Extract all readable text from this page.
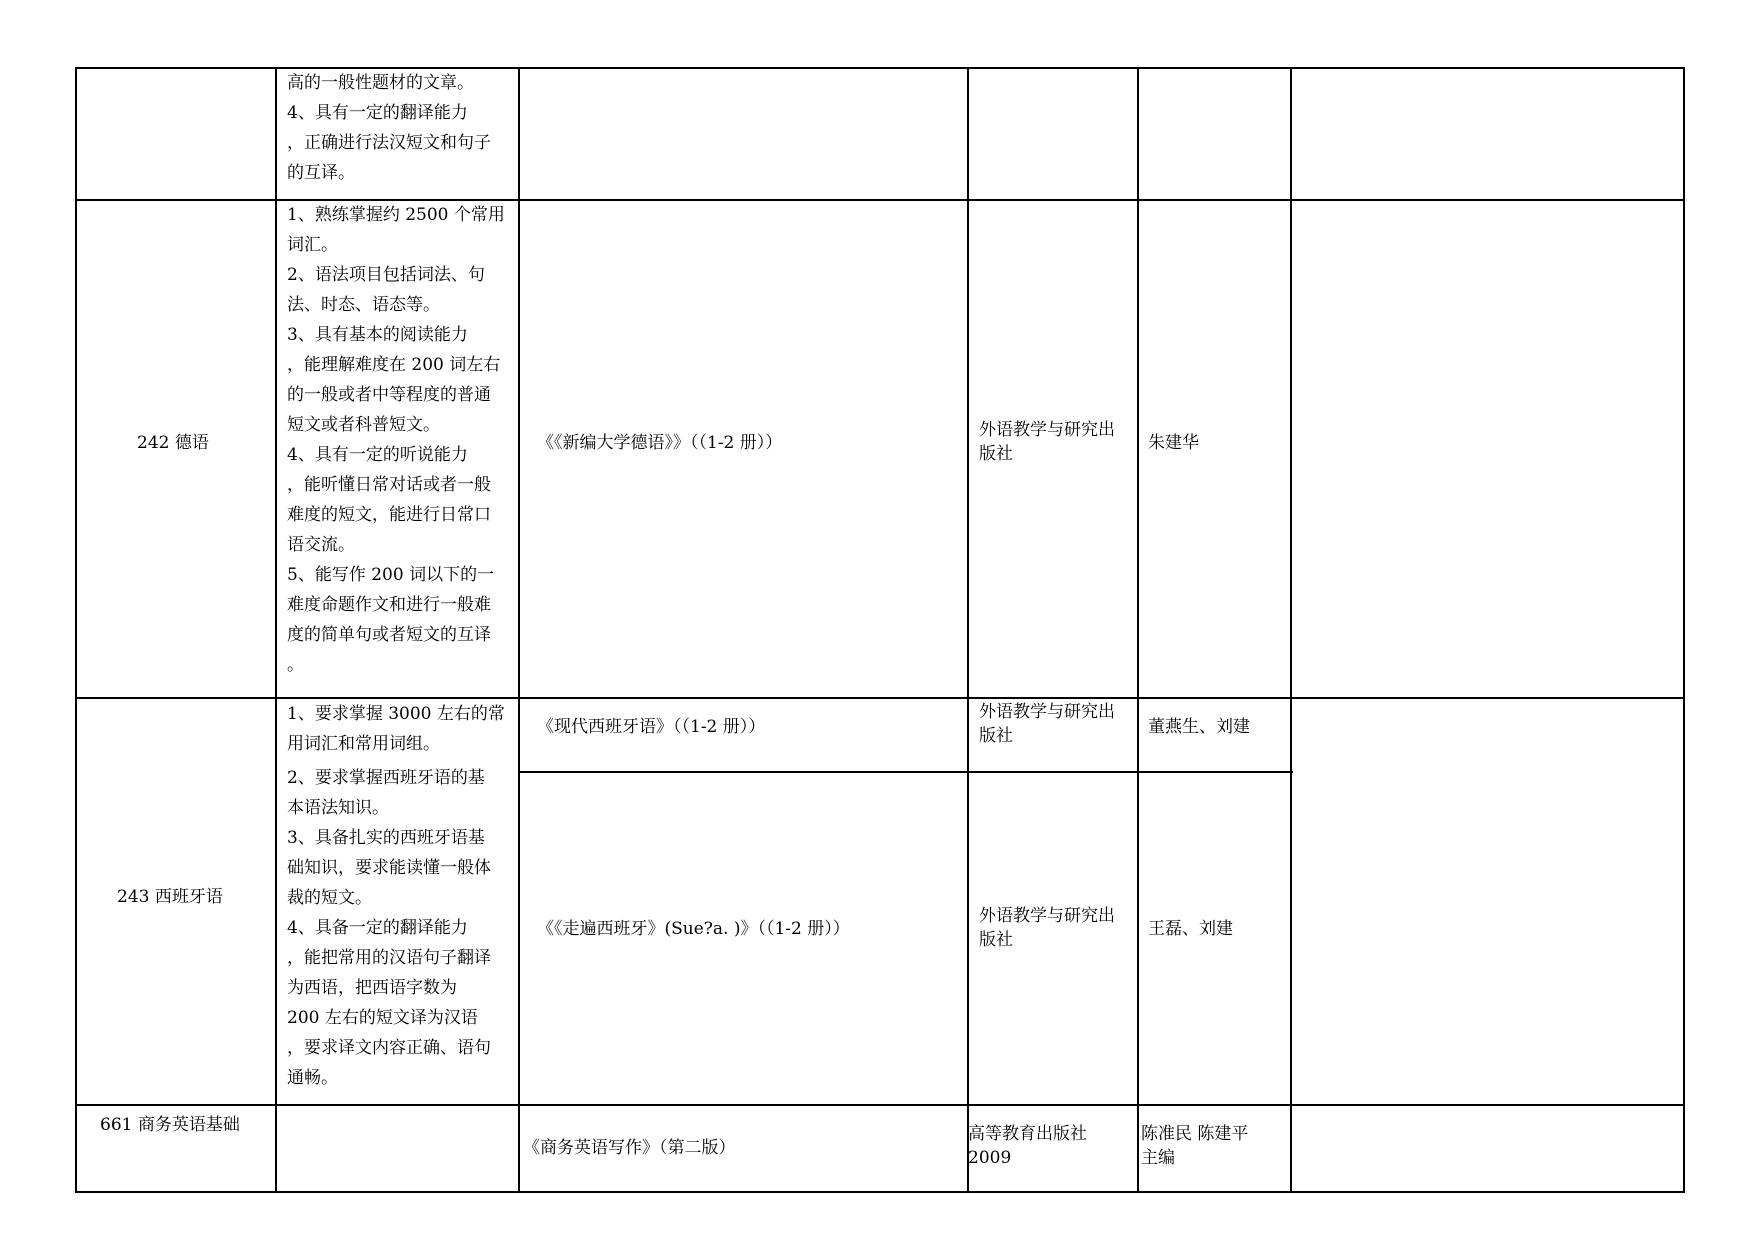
高的一般性题材的文章。
4、具有一定的翻译能力
，正确进行法汉短文和句子
的互译。
242 德语
1、熟练掌握约 2500 个常用
词汇。
2、语法项目包括词法、句
法、时态、语态等。
3、具有基本的阅读能力
，能理解难度在 200 词左右
的一般或者中等程度的普通
短文或者科普短文。
4、具有一定的听说能力
，能听懂日常对话或者一般
难度的短文，能进行日常口
语交流。
5、能写作 200 词以下的一
难度命题作文和进行一般难
度的简单句或者短文的互译
。
《《新编大学德语》》（（1-2 册））
外语教学与研究出
版社
朱建华
243 西班牙语
1、要求掌握 3000 左右的常
用词汇和常用词组。
2、要求掌握西班牙语的基
本语法知识。
3、具备扎实的西班牙语基
础知识，要求能读懂一般体
裁的短文。
4、具备一定的翻译能力
，能把常用的汉语句子翻译
为西语，把西语字数为
200 左右的短文译为汉语
，要求译文内容正确、语句
通畅。
《现代西班牙语》（（1-2 册））
外语教学与研究出
版社	董燕生、刘建
《《走遍西班牙》(Sue?a. )》（（1-2 册））
外语教学与研究出
版社
王磊、刘建
661 商务英语基础
《商务英语写作》（第二版）
高等教育出版社
2009
陈准民 陈建平
主编
